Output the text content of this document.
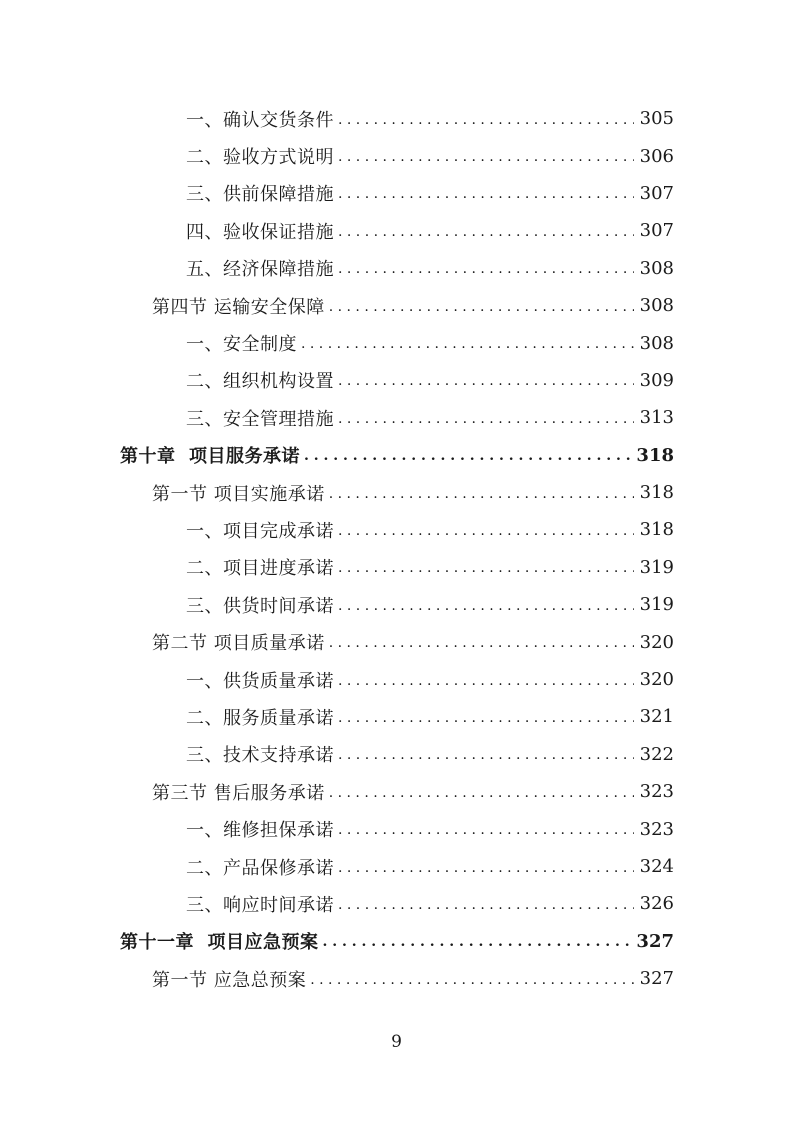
一、确认交货条件 . . .	305
二、验收方式说明 . . .	306
三、供前保障措施 . . .	307
四、验收保证措施 . . .	307
五、经济保障措施 . . .	308
第四节 运输安全保障 . . .	308
一、安全制度 . . .	308
二、组织机构设置 . . .	309
三、安全管理措施 . . .	313
第十章  项目服务承诺 . . .	318
第一节 项目实施承诺 . . .	318
一、项目完成承诺 . . .	318
二、项目进度承诺 . . .	319
三、供货时间承诺 . . .	319
第二节 项目质量承诺 . . .	320
一、供货质量承诺 . . .	320
二、服务质量承诺 . . .	321
三、技术支持承诺 . . .	322
第三节 售后服务承诺 . . .	323
一、维修担保承诺 . . .	323
二、产品保修承诺 . . .	324
三、响应时间承诺 . . .	326
第十一章  项目应急预案 . . .	327
第一节 应急总预案 . . .	327
9
